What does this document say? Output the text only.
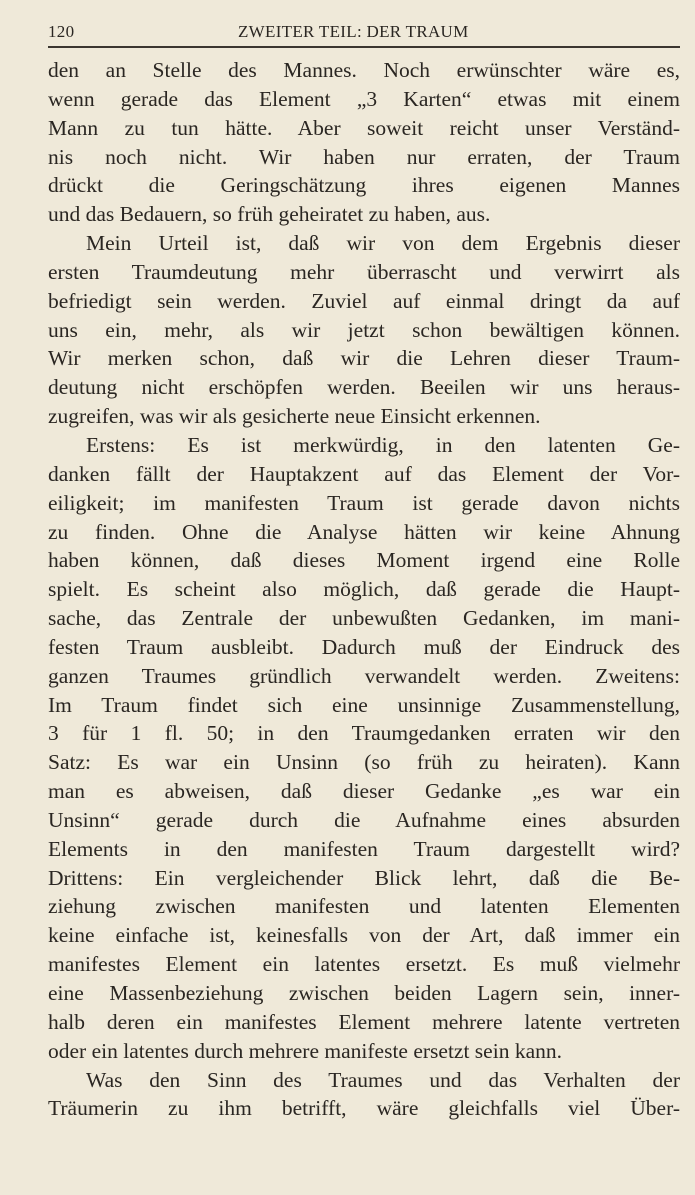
120	ZWEITER TEIL: DER TRAUM
den an Stelle des Mannes. Noch erwünschter wäre es,
wenn gerade das Element „3 Karten“ etwas mit einem
Mann zu tun hätte. Aber soweit reicht unser Verständ-
nis noch nicht. Wir haben nur erraten, der Traum
drückt die Geringschätzung ihres eigenen Mannes
und das Bedauern, so früh geheiratet zu haben, aus.
Mein Urteil ist, daß wir von dem Ergebnis dieser
ersten Traumdeutung mehr überrascht und verwirrt als
befriedigt sein werden. Zuviel auf einmal dringt da auf
uns ein, mehr, als wir jetzt schon bewältigen können.
Wir merken schon, daß wir die Lehren dieser Traum-
deutung nicht erschöpfen werden. Beeilen wir uns heraus-
zugreifen, was wir als gesicherte neue Einsicht erkennen.
Erstens: Es ist merkwürdig, in den latenten Ge-
danken fällt der Hauptakzent auf das Element der Vor-
eiligkeit; im manifesten Traum ist gerade davon nichts
zu finden. Ohne die Analyse hätten wir keine Ahnung
haben können, daß dieses Moment irgend eine Rolle
spielt. Es scheint also möglich, daß gerade die Haupt-
sache, das Zentrale der unbewußten Gedanken, im mani-
festen Traum ausbleibt. Dadurch muß der Eindruck des
ganzen Traumes gründlich verwandelt werden. Zweitens:
Im Traum findet sich eine unsinnige Zusammenstellung,
3 für 1 fl. 50; in den Traumgedanken erraten wir den
Satz: Es war ein Unsinn (so früh zu heiraten). Kann
man es abweisen, daß dieser Gedanke „es war ein
Unsinn“ gerade durch die Aufnahme eines absurden
Elements in den manifesten Traum dargestellt wird?
Drittens: Ein vergleichender Blick lehrt, daß die Be-
ziehung zwischen manifesten und latenten Elementen
keine einfache ist, keinesfalls von der Art, daß immer ein
manifestes Element ein latentes ersetzt. Es muß vielmehr
eine Massenbeziehung zwischen beiden Lagern sein, inner-
halb deren ein manifestes Element mehrere latente vertreten
oder ein latentes durch mehrere manifeste ersetzt sein kann.
Was den Sinn des Traumes und das Verhalten der
Träumerin zu ihm betrifft, wäre gleichfalls viel Über-
